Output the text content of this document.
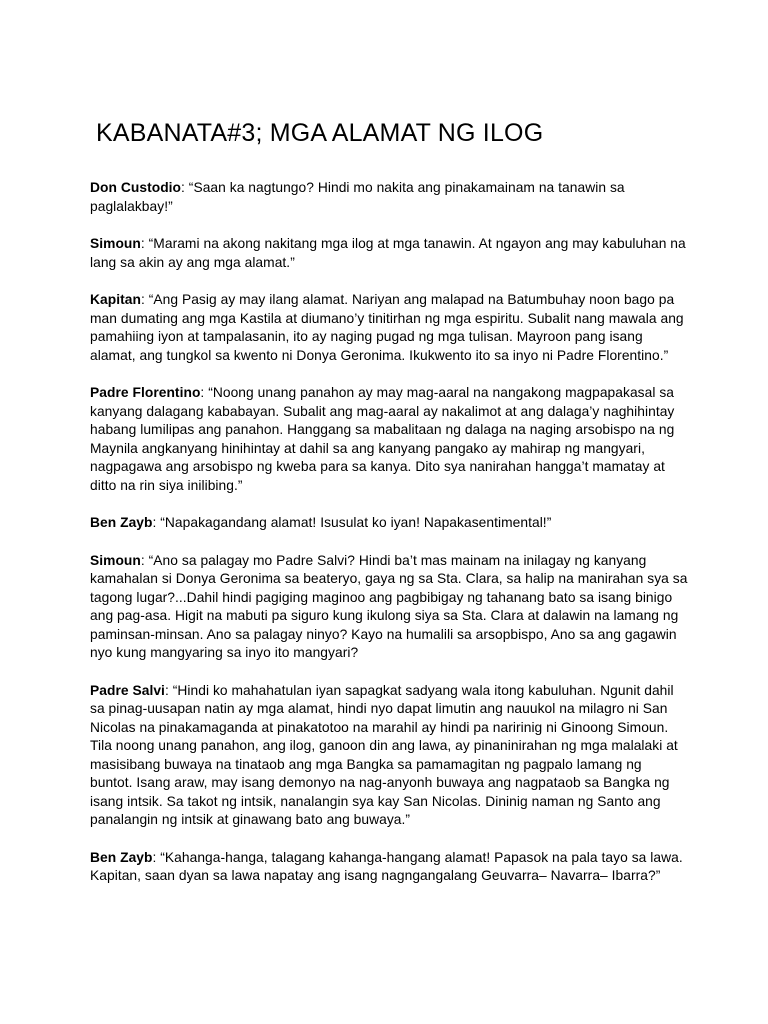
KABANATA#3; MGA ALAMAT NG ILOG

Don Custodio: “Saan ka nagtungo? Hindi mo nakita ang pinakamainam na tanawin sa paglalakbay!”

Simoun: “Marami na akong nakitang mga ilog at mga tanawin. At ngayon ang may kabuluhan na lang sa akin ay ang mga alamat.”

Kapitan: “Ang Pasig ay may ilang alamat. Nariyan ang malapad na Batumbuhay noon bago pa man dumating ang mga Kastila at diumano’y tinitirhan ng mga espiritu. Subalit nang mawala ang pamahiing iyon at tampalasanin, ito ay naging pugad ng mga tulisan. Mayroon pang isang alamat, ang tungkol sa kwento ni Donya Geronima. Ikukwento ito sa inyo ni Padre Florentino.”

Padre Florentino: “Noong unang panahon ay may mag-aaral na nangakong magpapakasal sa kanyang dalagang kababayan. Subalit ang mag-aaral ay nakalimot at ang dalaga’y naghihintay habang lumilipas ang panahon. Hanggang sa mabalitaan ng dalaga na naging arsobispo na ng Maynila angkanyang hinihintay at dahil sa ang kanyang pangako ay mahirap ng mangyari, nagpagawa ang arsobispo ng kweba para sa kanya. Dito sya nanirahan hangga’t mamatay at ditto na rin siya inilibing.”

Ben Zayb: “Napakagandang alamat! Isusulat ko iyan! Napakasentimental!”

Simoun: “Ano sa palagay mo Padre Salvi? Hindi ba’t mas mainam na inilagay ng kanyang kamahalan si Donya Geronima sa beateryo, gaya ng sa Sta. Clara, sa halip na manirahan sya sa tagong lugar?...Dahil hindi pagiging maginoo ang pagbibigay ng tahanang bato sa isang binigo ang pag-asa. Higit na mabuti pa siguro kung ikulong siya sa Sta. Clara at dalawin na lamang ng paminsan-minsan. Ano sa palagay ninyo? Kayo na humalili sa arsopbispo, Ano sa ang gagawin nyo kung mangyaring sa inyo ito mangyari?

Padre Salvi: “Hindi ko mahahatulan iyan sapagkat sadyang wala itong kabuluhan. Ngunit dahil sa pinag-uusapan natin ay mga alamat, hindi nyo dapat limutin ang nauukol na milagro ni San Nicolas na pinakamaganda at pinakatotoo na marahil ay hindi pa naririnig ni Ginoong Simoun. Tila noong unang panahon, ang ilog, ganoon din ang lawa, ay pinaninirahan ng mga malalaki at masisibang buwaya na tinataob ang mga Bangka sa pamamagitan ng pagpalo lamang ng buntot. Isang araw, may isang demonyo na nag-anyonh buwaya ang nagpataob sa Bangka ng isang intsik. Sa takot ng intsik, nanalangin sya kay San Nicolas. Dininig naman ng Santo ang panalangin ng intsik at ginawang bato ang buwaya.”

Ben Zayb: “Kahanga-hanga, talagang kahanga-hangang alamat! Papasok na pala tayo sa lawa. Kapitan, saan dyan sa lawa napatay ang isang nagngangalang Geuvarra– Navarra– Ibarra?”
